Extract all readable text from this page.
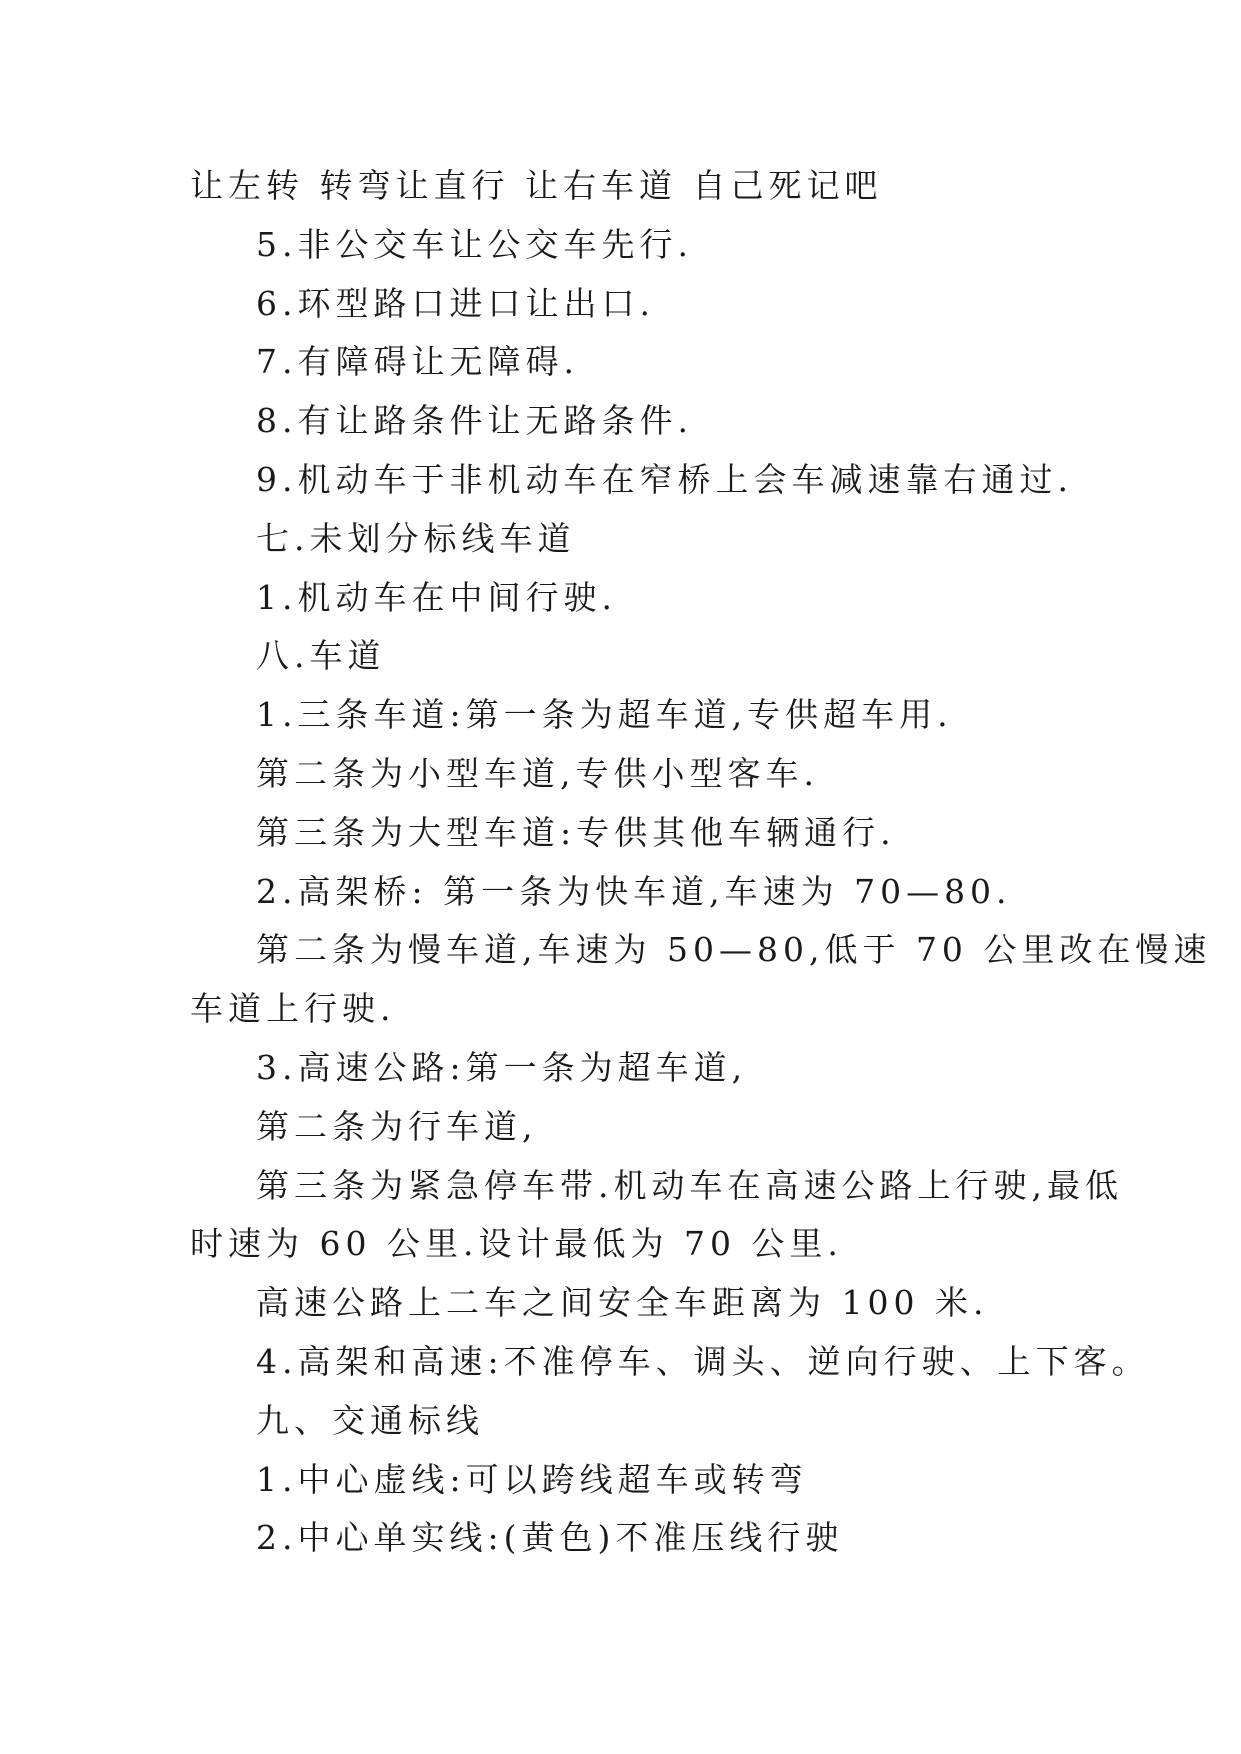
让左转 转弯让直行 让右车道 自己死记吧

5.非公交车让公交车先行.

6.环型路口进口让出口.

7.有障碍让无障碍.

8.有让路条件让无路条件.

9.机动车于非机动车在窄桥上会车减速靠右通过.

七.未划分标线车道

1.机动车在中间行驶.

八.车道

1.三条车道:第一条为超车道,专供超车用.

第二条为小型车道,专供小型客车.

第三条为大型车道:专供其他车辆通行.

2.高架桥: 第一条为快车道,车速为 70—80.

第二条为慢车道,车速为 50—80,低于 70 公里改在慢速

车道上行驶.

3.高速公路:第一条为超车道,

第二条为行车道,

第三条为紧急停车带.机动车在高速公路上行驶,最低

时速为 60 公里.设计最低为 70 公里.

高速公路上二车之间安全车距离为 100 米.

4.高架和高速:不准停车、调头、逆向行驶、上下客。

九、交通标线

1.中心虚线:可以跨线超车或转弯

2.中心单实线:(黄色)不准压线行驶
